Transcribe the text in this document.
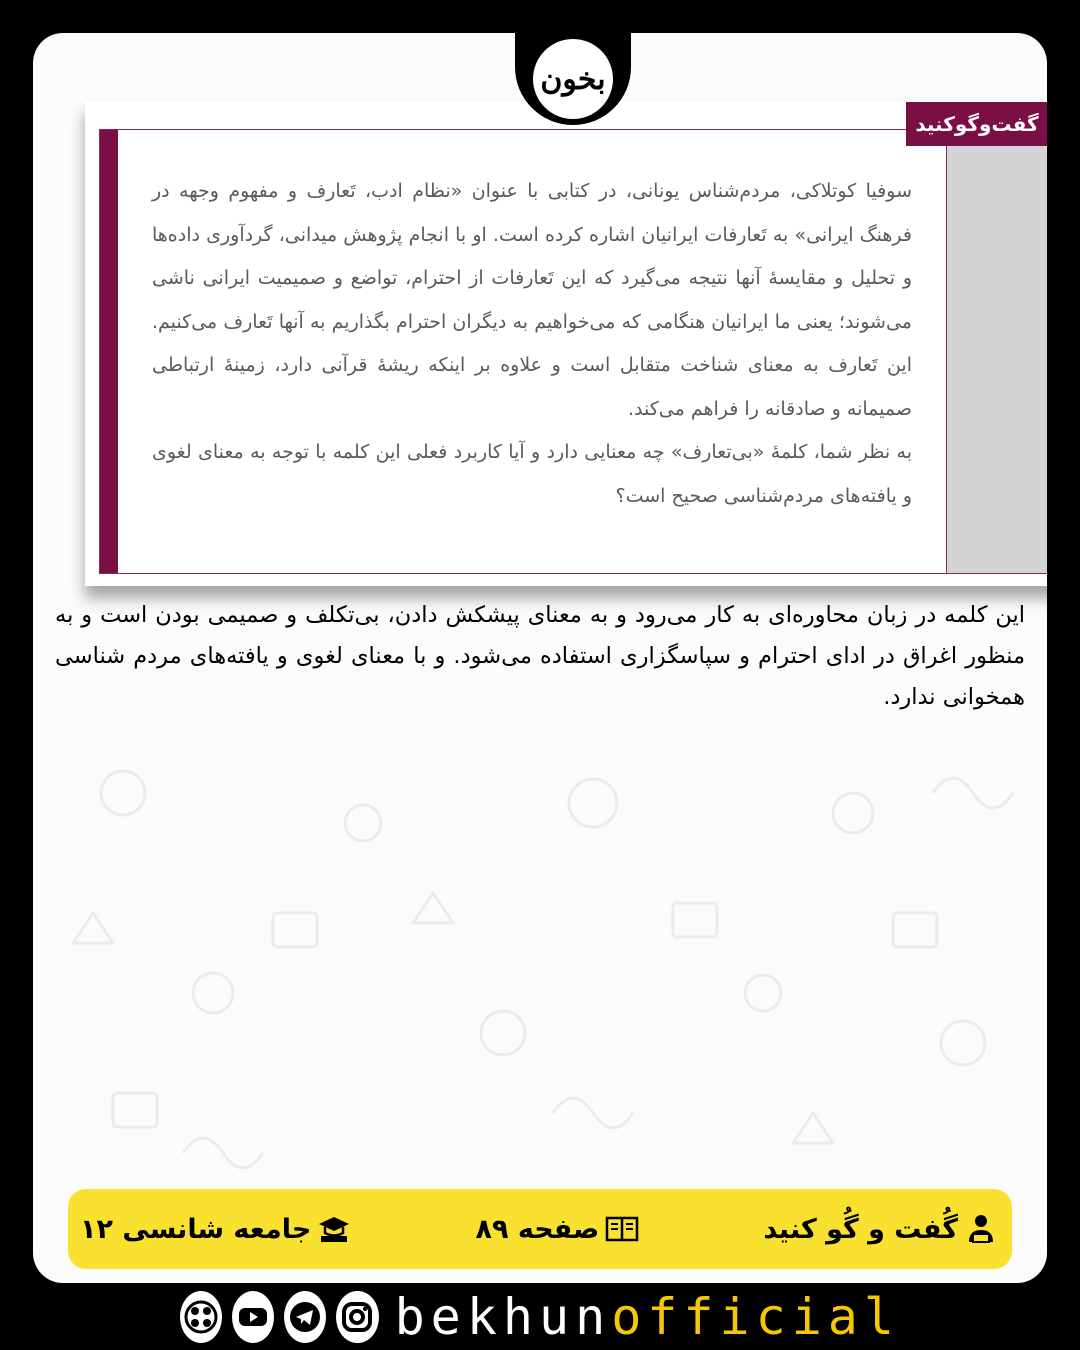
بخون
گفت‌وگوکنید

سوفیا کوتلاکی، مردم‌شناس یونانی، در کتابی با عنوان «نظام ادب، تَعارف و مفهوم وجهه در فرهنگ ایرانی» به تَعارفات ایرانیان اشاره کرده است. او با انجام پژوهش میدانی، گردآوری داده‌ها و تحلیل و مقایسهٔ آنها نتیجه می‌گیرد که این تَعارفات از احترام، تواضع و صمیمیت ایرانی ناشی می‌شوند؛ یعنی ما ایرانیان هنگامی که می‌خواهیم به دیگران احترام بگذاریم به آنها تَعارف می‌کنیم. این تَعارف به معنای شناخت متقابل است و علاوه بر اینکه ریشهٔ قرآنی دارد، زمینهٔ ارتباطی صمیمانه و صادقانه را فراهم می‌کند.

به نظر شما، کلمهٔ «بی‌تعارف» چه معنایی دارد و آیا کاربرد فعلی این کلمه با توجه به معنای لغوی و یافته‌های مردم‌شناسی صحیح است؟

این کلمه در زبان محاوره‌ای به کار می‌رود و به معنای پیشکش دادن، بی‌تکلف و صمیمی بودن است و به منظور اغراق در ادای احترام و سپاسگزاری استفاده می‌شود. و با معنای لغوی و یافته‌های مردم شناسی همخوانی ندارد.
گُفت و گُو کنید
صفحه ۸۹
جامعه شانسی ۱۲
bekhunofficial
